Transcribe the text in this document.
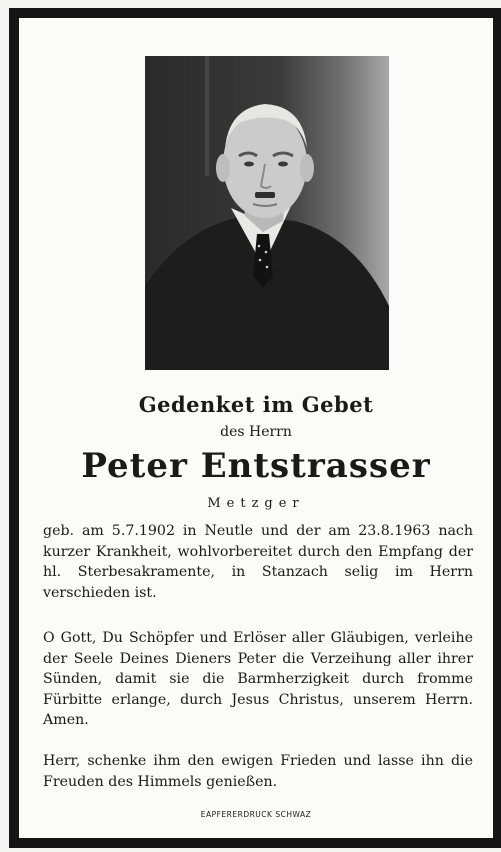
Gedenket im Gebet

des Herrn

Peter Entstrasser

Metzger

geb. am 5.7.1902 in Neutle und der am 23.8.1963 nach kurzer Krankheit, wohlvorbereitet durch den Empfang der hl. Sterbesakramente, in Stanzach selig im Herrn verschieden ist.

O Gott, Du Schöpfer und Erlöser aller Gläubigen, verleihe der Seele Deines Dieners Peter die Verzeihung aller ihrer Sünden, damit sie die Barmherzigkeit durch fromme Fürbitte erlange, durch Jesus Christus, unserem Herrn. Amen.

Herr, schenke ihm den ewigen Frieden und lasse ihn die Freuden des Himmels genießen.

EAPFERERDRUCK SCHWAZ
